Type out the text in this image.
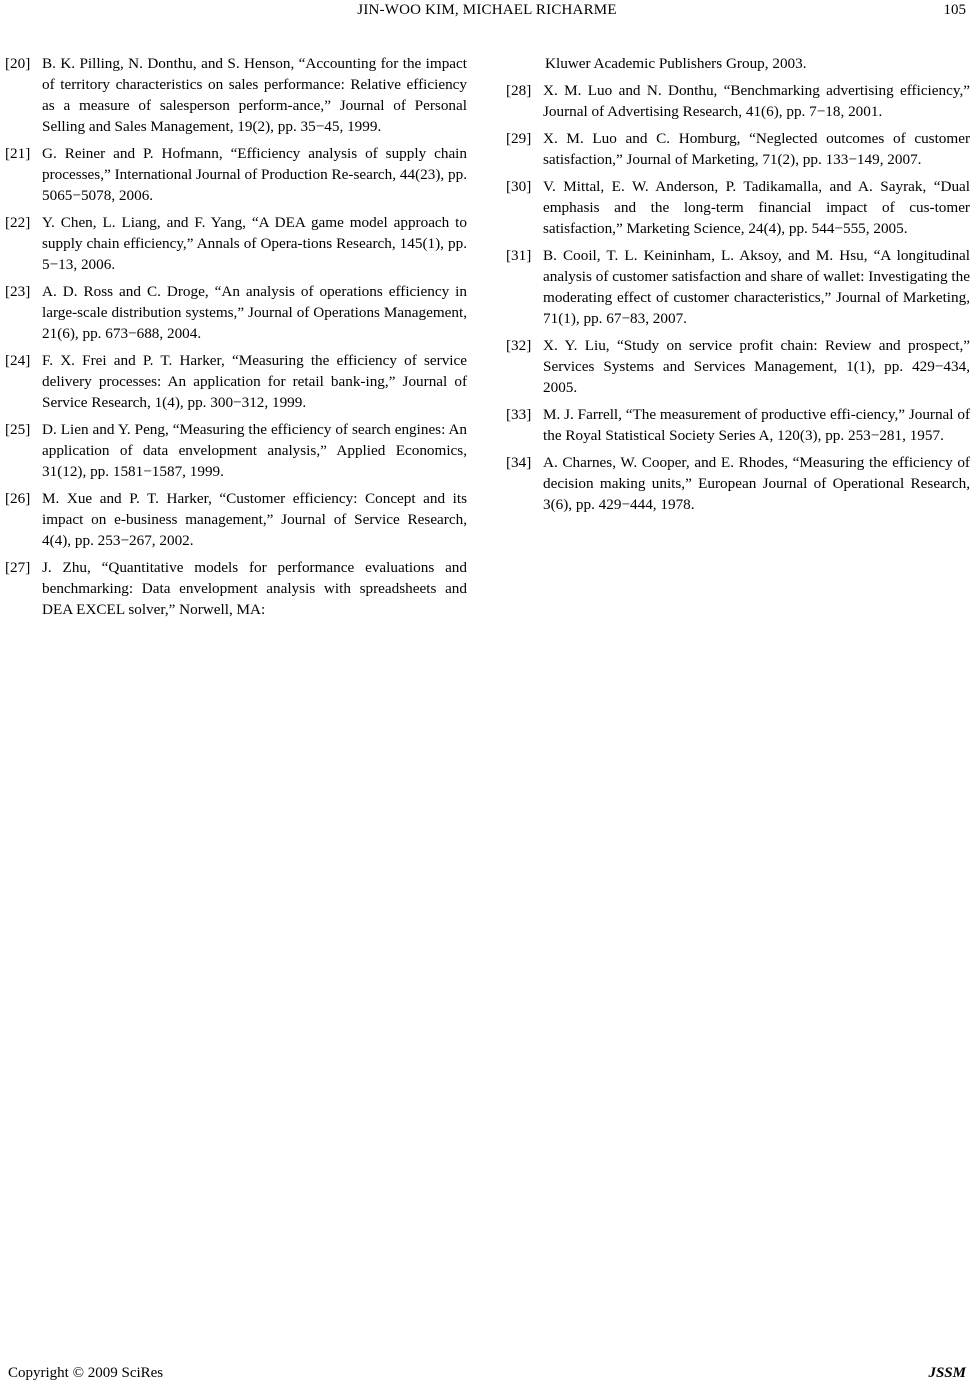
JIN-WOO KIM, MICHAEL RICHARME	105
[20] B. K. Pilling, N. Donthu, and S. Henson, “Accounting for the impact of territory characteristics on sales performance: Relative efficiency as a measure of salesperson perform-ance,” Journal of Personal Selling and Sales Management, 19(2), pp. 35−45, 1999.
[21] G. Reiner and P. Hofmann, “Efficiency analysis of supply chain processes,” International Journal of Production Re-search, 44(23), pp. 5065−5078, 2006.
[22] Y. Chen, L. Liang, and F. Yang, “A DEA game model approach to supply chain efficiency,” Annals of Opera-tions Research, 145(1), pp. 5−13, 2006.
[23] A. D. Ross and C. Droge, “An analysis of operations efficiency in large-scale distribution systems,” Journal of Operations Management, 21(6), pp. 673−688, 2004.
[24] F. X. Frei and P. T. Harker, “Measuring the efficiency of service delivery processes: An application for retail bank-ing,” Journal of Service Research, 1(4), pp. 300−312, 1999.
[25] D. Lien and Y. Peng, “Measuring the efficiency of search engines: An application of data envelopment analysis,” Applied Economics, 31(12), pp. 1581−1587, 1999.
[26] M. Xue and P. T. Harker, “Customer efficiency: Concept and its impact on e-business management,” Journal of Service Research, 4(4), pp. 253−267, 2002.
[27] J. Zhu, “Quantitative models for performance evaluations and benchmarking: Data envelopment analysis with spreadsheets and DEA EXCEL solver,” Norwell, MA:
Kluwer Academic Publishers Group, 2003.
[28] X. M. Luo and N. Donthu, “Benchmarking advertising efficiency,” Journal of Advertising Research, 41(6), pp. 7−18, 2001.
[29] X. M. Luo and C. Homburg, “Neglected outcomes of customer satisfaction,” Journal of Marketing, 71(2), pp. 133−149, 2007.
[30] V. Mittal, E. W. Anderson, P. Tadikamalla, and A. Sayrak, “Dual emphasis and the long-term financial impact of cus-tomer satisfaction,” Marketing Science, 24(4), pp. 544−555, 2005.
[31] B. Cooil, T. L. Keininham, L. Aksoy, and M. Hsu, “A longitudinal analysis of customer satisfaction and share of wallet: Investigating the moderating effect of customer characteristics,” Journal of Marketing, 71(1), pp. 67−83, 2007.
[32] X. Y. Liu, “Study on service profit chain: Review and prospect,” Services Systems and Services Management, 1(1), pp. 429−434, 2005.
[33] M. J. Farrell, “The measurement of productive effi-ciency,” Journal of the Royal Statistical Society Series A, 120(3), pp. 253−281, 1957.
[34] A. Charnes, W. Cooper, and E. Rhodes, “Measuring the efficiency of decision making units,” European Journal of Operational Research, 3(6), pp. 429−444, 1978.
Copyright © 2009 SciRes	JSSM
